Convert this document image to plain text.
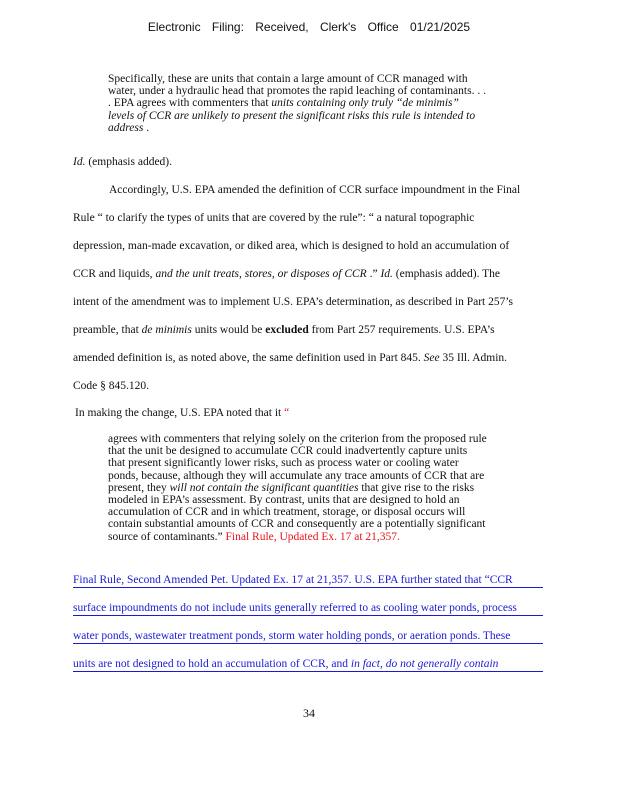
Electronic Filing: Received, Clerk's Office 01/21/2025
Specifically, these are units that contain a large amount of CCR managed with
water, under a hydraulic head that promotes the rapid leaching of contaminants. . .
. EPA agrees with commenters that units containing only truly ‘‘de minimis”
levels of CCR are unlikely to present the significant risks this rule is intended to
address .
Id. (emphasis added).
Accordingly, U.S. EPA amended the definition of CCR surface impoundment in the Final
Rule “ to clarify the types of units that are covered by the rule”: “ a natural topographic
depression, man-made excavation, or diked area, which is designed to hold an accumulation of
CCR and liquids, and the unit treats, stores, or disposes of CCR .” Id. (emphasis added). The
intent of the amendment was to implement U.S. EPA’s determination, as described in Part 257’s
preamble, that de minimis units would be excluded from Part 257 requirements. U.S. EPA’s
amended definition is, as noted above, the same definition used in Part 845. See 35 Ill. Admin.
Code § 845.120.
In making the change, U.S. EPA noted that it “
agrees with commenters that relying solely on the criterion from the proposed rule
that the unit be designed to accumulate CCR could inadvertently capture units
that present significantly lower risks, such as process water or cooling water
ponds, because, although they will accumulate any trace amounts of CCR that are
present, they will not contain the significant quantities that give rise to the risks
modeled in EPA’s assessment. By contrast, units that are designed to hold an
accumulation of CCR and in which treatment, storage, or disposal occurs will
contain substantial amounts of CCR and consequently are a potentially significant
source of contaminants.” Final Rule, Updated Ex. 17 at 21,357.
Final Rule, Second Amended Pet. Updated Ex. 17 at 21,357. U.S. EPA further stated that “CCR
surface impoundments do not include units generally referred to as cooling water ponds, process
water ponds, wastewater treatment ponds, storm water holding ponds, or aeration ponds. These
units are not designed to hold an accumulation of CCR, and in fact, do not generally contain
34
